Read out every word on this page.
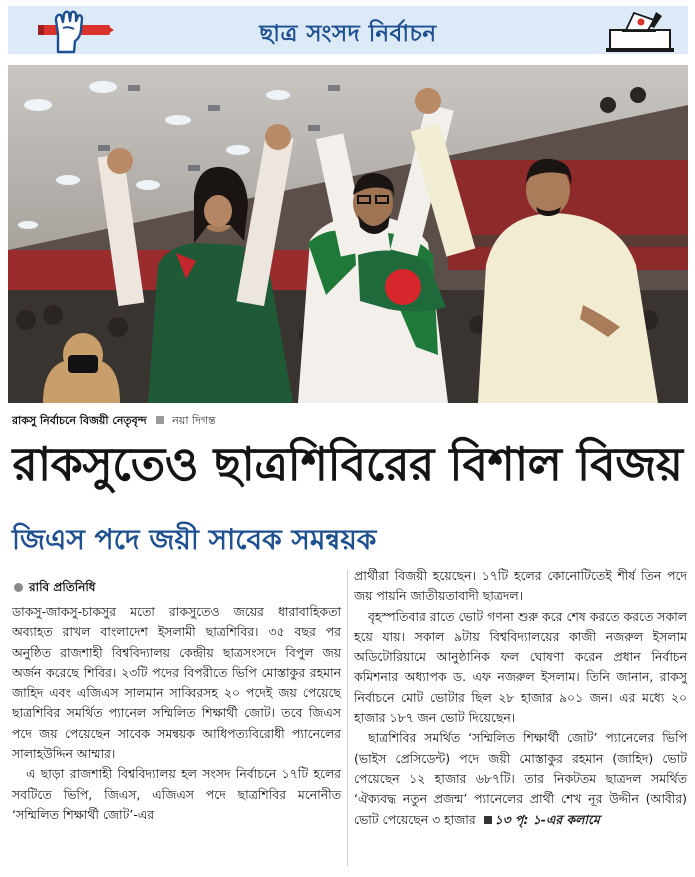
ছাত্র সংসদ নির্বাচন
রাকসু নির্বাচনে বিজয়ী নেতৃবৃন্দ নয়া দিগন্ত
রাকসুতেও ছাত্রশিবিরের বিশাল বিজয়
জিএস পদে জয়ী সাবেক সমন্বয়ক
রাবি প্রতিনিধি

ডাকসু-জাকসু-চাকসুর মতো রাকসুতেও জয়ের ধারাবাহিকতা অব্যাহত রাখল বাংলাদেশ ইসলামী ছাত্রশিবির। ৩৫ বছর পর অনুষ্ঠিত রাজশাহী বিশ্ববিদ্যালয় কেন্দ্রীয় ছাত্রসংসদে বিপুল জয় অর্জন করেছে শিবির। ২৩টি পদের বিপরীতে ভিপি মোস্তাকুর রহমান জাহিদ এবং এজিএস সালমান সাব্বিরসহ ২০ পদেই জয় পেয়েছে ছাত্রশিবির সমর্থিত প্যানেল সম্মিলিত শিক্ষার্থী জোট। তবে জিএস পদে জয় পেয়েছেন সাবেক সমন্বয়ক আধিপত্যবিরোধী প্যানেলের সালাহউদ্দিন আম্মার।

এ ছাড়া রাজশাহী বিশ্ববিদ্যালয় হল সংসদ নির্বাচনে ১৭টি হলের সবটিতে ভিপি, জিএস, এজিএস পদে ছাত্রশিবির মনোনীত ‘সম্মিলিত শিক্ষার্থী জোট’-এর

প্রার্থীরা বিজয়ী হয়েছেন। ১৭টি হলের কোনোটিতেই শীর্ষ তিন পদে জয় পায়নি জাতীয়তাবাদী ছাত্রদল।

বৃহস্পতিবার রাতে ভোট গণনা শুরু করে শেষ করতে করতে সকাল হয়ে যায়। সকাল ৯টায় বিশ্ববিদ্যালয়ের কাজী নজরুল ইসলাম অডিটোরিয়ামে আনুষ্ঠানিক ফল ঘোষণা করেন প্রধান নির্বাচন কমিশনার অধ্যাপক ড. এফ নজরুল ইসলাম। তিনি জানান, রাকসু নির্বাচনে মোট ভোটার ছিল ২৮ হাজার ৯০১ জন। এর মধ্যে ২০ হাজার ১৮৭ জন ভোট দিয়েছেন।

ছাত্রশিবির সমর্থিত ‘সম্মিলিত শিক্ষার্থী জোট’ প্যানেলের ভিপি (ভাইস প্রেসিডেন্ট) পদে জয়ী মোস্তাকুর রহমান (জাহিদ) ভোট পেয়েছেন ১২ হাজার ৬৮৭টি। তার নিকটতম ছাত্রদল সমর্থিত ‘ঐক্যবদ্ধ নতুন প্রজন্ম’ প্যানেলের প্রার্থী শেখ নূর উদ্দীন (আবীর) ভোট পেয়েছেন ৩ হাজার ১৩ পৃ: ১-এর কলামে
